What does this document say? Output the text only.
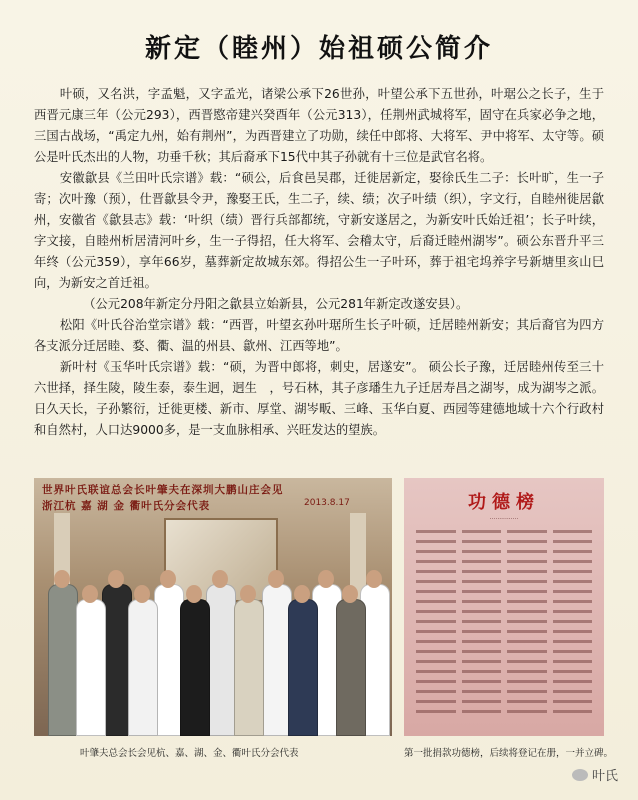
新定（睦州）始祖硕公简介

叶硕，又名洪，字孟魁，又字孟光，诸梁公承下26世孙，叶望公承下五世孙，叶琚公之长子，生于西晋元康三年（公元293），西晋愍帝建兴癸酉年（公元313），任荆州武城将军，固守在兵家必争之地，三国古战场，“禹定九州，始有荆州”，为西晋建立了功勋，续任中郎将、大将军、尹中将军、太守等。硕公是叶氏杰出的人物，功垂千秋；其后裔承下15代中其子孙就有十三位是武官名将。

安徽歙县《兰田叶氏宗谱》载：“硕公，后食邑吴郡，迁徙居新定，娶徐氏生二子：长叶旷，生一子寄；次叶豫（预），仕晋歙县令尹，豫娶王氏，生二子，续、绩；次子叶绩（织），字文行，自睦州徙居歙州，安徽省《歙县志》载：‘叶织（绩）晋行兵部都统，守新安遂居之，为新安叶氏始迁祖’；长子叶续，字文接，自睦州析居清河叶乡，生一子得招，任大将军、会稽太守，后裔迁睦州湖岑”。硕公东晋升平三年终（公元359），享年66岁，墓葬新定故城东郊。得招公生一子叶环，葬于祖宅坞养字号新塘里亥山巳向，为新安之首迁祖。

（公元208年新定分丹阳之歙县立始新县，公元281年新定改遂安县）。

松阳《叶氏谷治堂宗谱》载：“西晋，叶望玄孙叶琚所生长子叶硕，迁居睦州新安；其后裔官为四方各支派分迁居睦、婺、衢、温的州县、歙州、江西等地”。

新叶村《玉华叶氏宗谱》载：“硕，为晋中郎将，刺史，居遂安”。 硕公长子豫，迁居睦州传至三十六世择，择生陵，陵生泰，泰生迥，迥生　，号石林，其子彦璠生九子迁居寿昌之湖岑，成为湖岑之派。日久天长，子孙繁衍，迁徙更楼、新市、厚堂、湖岑畈、三峰、玉华白夏、西园等建德地域十六个行政村和自然村，人口达9000多，是一支血脉相承、兴旺发达的望族。

世界叶氏联谊总会长叶肇夫在深圳大鹏山庄会见
浙江杭 嘉 湖 金 衢叶氏分会代表	2013.8.17	功德榜
···············
叶肇夫总会长会见杭、嘉、湖、金、衢叶氏分会代表	第一批捐款功德榜，后续将登记在册，一并立碑。
叶氏
